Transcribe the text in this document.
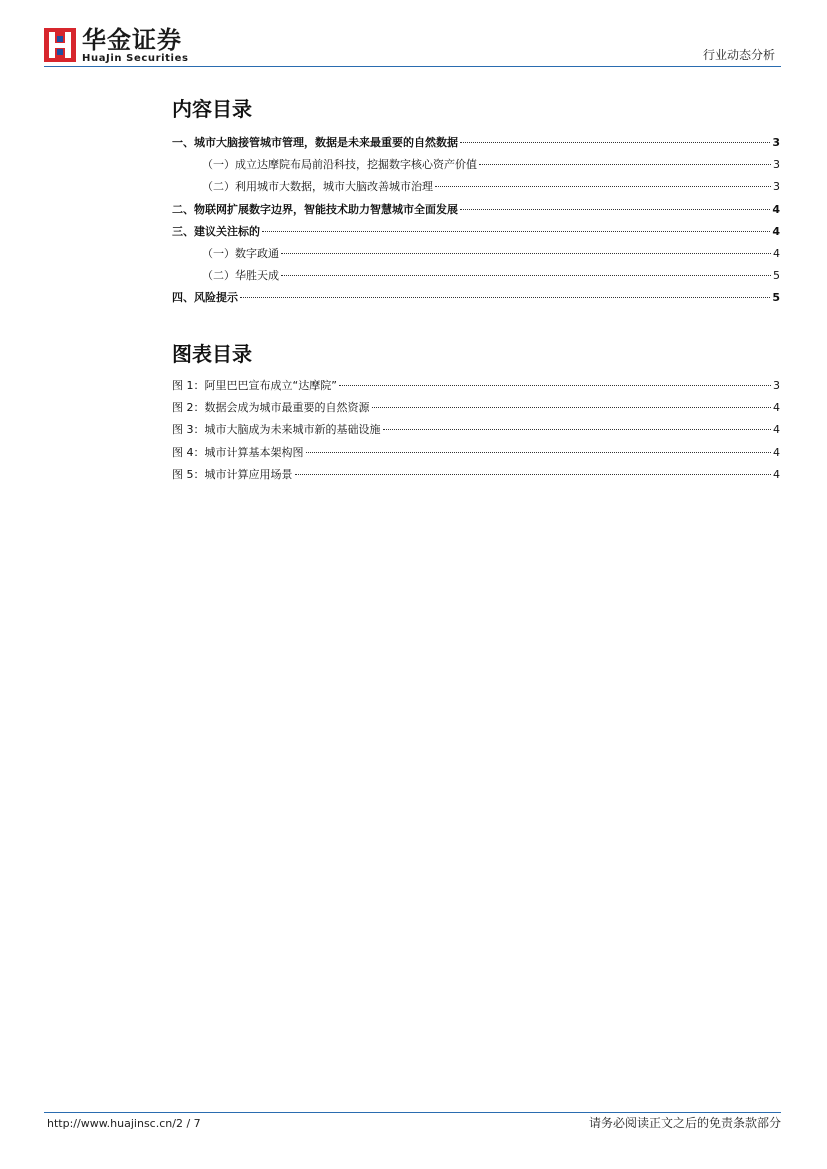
华金证券
HuaJin Securities	行业动态分析
内容目录
一、城市大脑接管城市管理，数据是未来最重要的自然数据	3
（一）成立达摩院布局前沿科技，挖掘数字核心资产价值	3
（二）利用城市大数据，城市大脑改善城市治理	3
二、物联网扩展数字边界，智能技术助力智慧城市全面发展	4
三、建议关注标的	4
（一）数字政通	4
（二）华胜天成	5
四、风险提示	5
图表目录
图 1：阿里巴巴宣布成立“达摩院”	3
图 2：数据会成为城市最重要的自然资源	4
图 3：城市大脑成为未来城市新的基础设施	4
图 4：城市计算基本架构图	4
图 5：城市计算应用场景	4
http://www.huajinsc.cn/2 / 7	请务必阅读正文之后的免责条款部分
